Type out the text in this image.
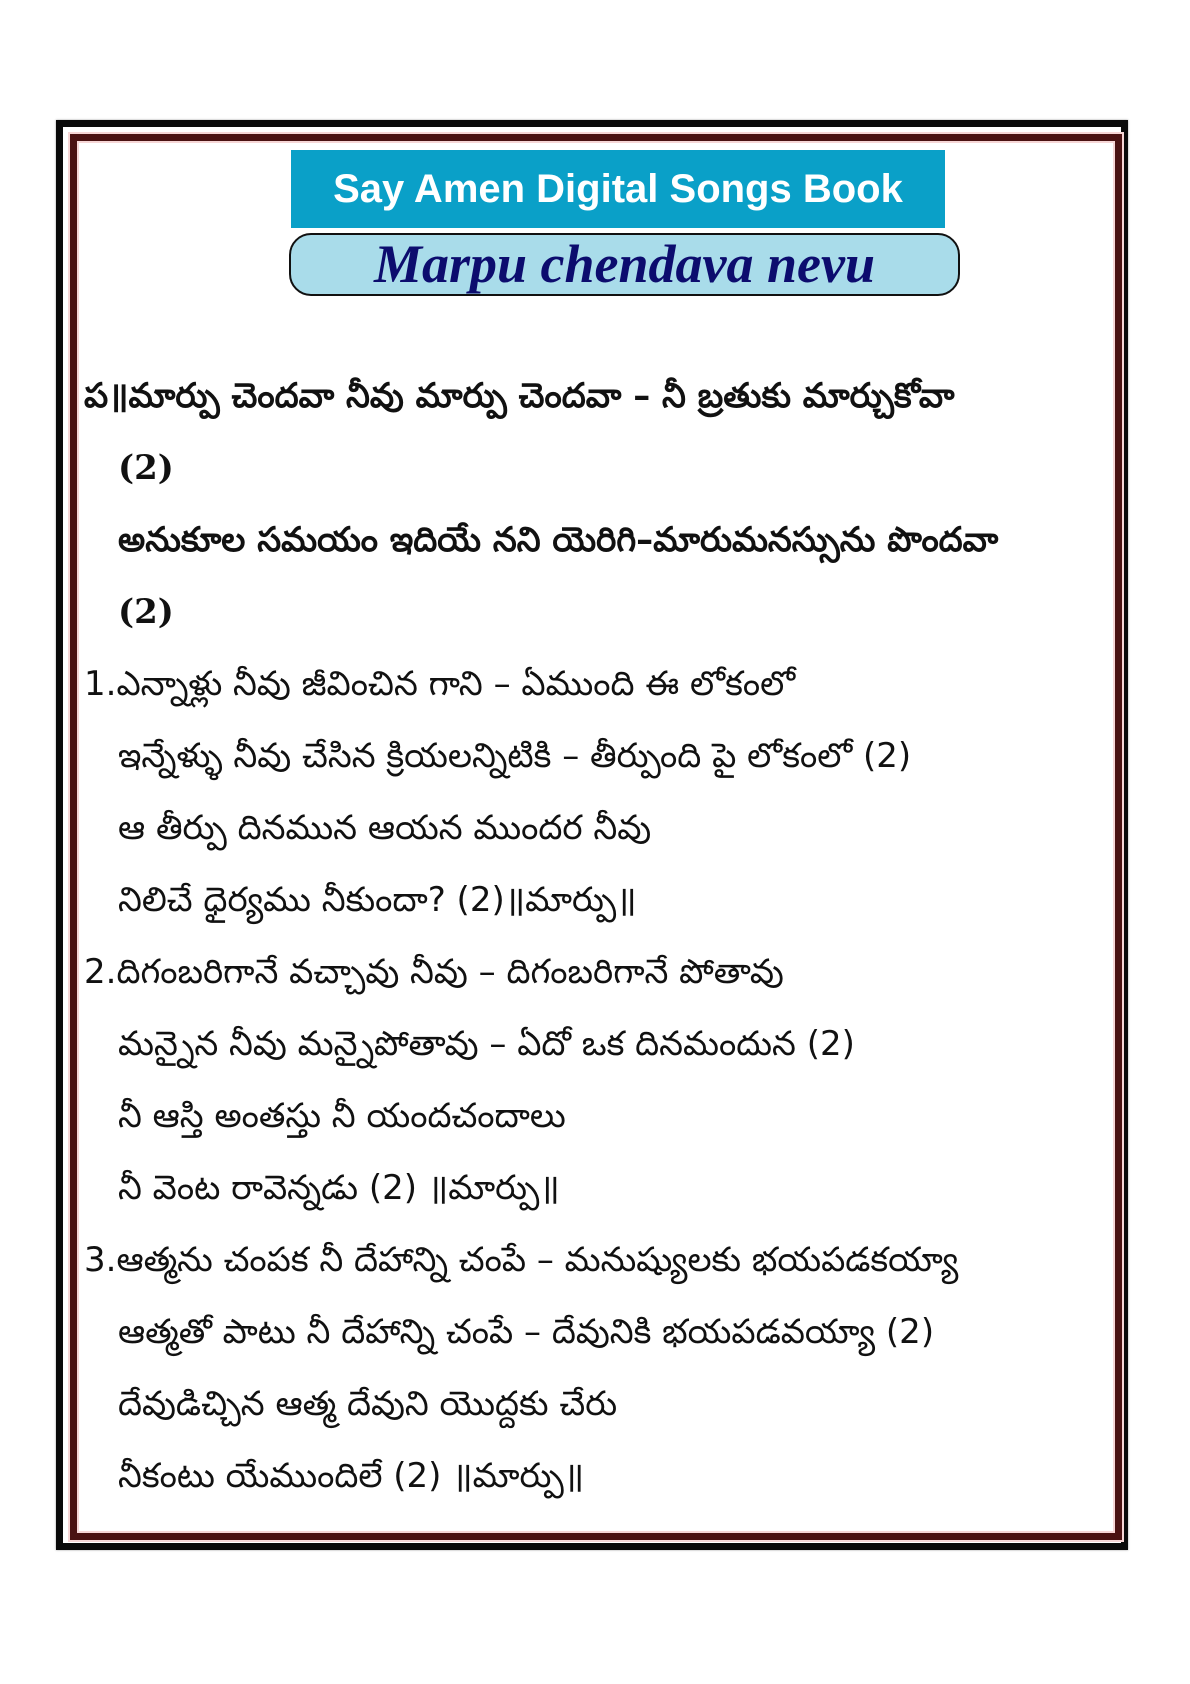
Say Amen Digital Songs Book
Marpu chendava nevu
ప॥మార్పు చెందవా నీవు మార్పు చెందవా – నీ బ్రతుకు మార్చుకోవా
(2)
అనుకూల సమయం ఇదియే నని యెరిగి–మారుమనస్సును పొందవా
(2)
1.ఎన్నాళ్లు నీవు జీవించిన గాని – ఏముంది ఈ లోకంలో
ఇన్నేళ్ళు నీవు చేసిన క్రియలన్నిటికి – తీర్పుంది పై లోకంలో (2)
ఆ తీర్పు దినమున ఆయన ముందర నీవు
నిలిచే ధైర్యము నీకుందా? (2)॥మార్పు॥
2.దిగంబరిగానే వచ్చావు నీవు – దిగంబరిగానే పోతావు
మన్నైన నీవు మన్నైపోతావు – ఏదో ఒక దినమందున (2)
నీ ఆస్తి అంతస్తు నీ యందచందాలు
నీ వెంట రావెన్నడు (2) ॥మార్పు॥
3.ఆత్మను చంపక నీ దేహాన్ని చంపే – మనుష్యులకు భయపడకయ్యా
ఆత్మతో పాటు నీ దేహాన్ని చంపే – దేవునికి భయపడవయ్యా (2)
దేవుడిచ్చిన ఆత్మ దేవుని యొద్దకు చేరు
నీకంటు యేముందిలే (2) ॥మార్పు॥
